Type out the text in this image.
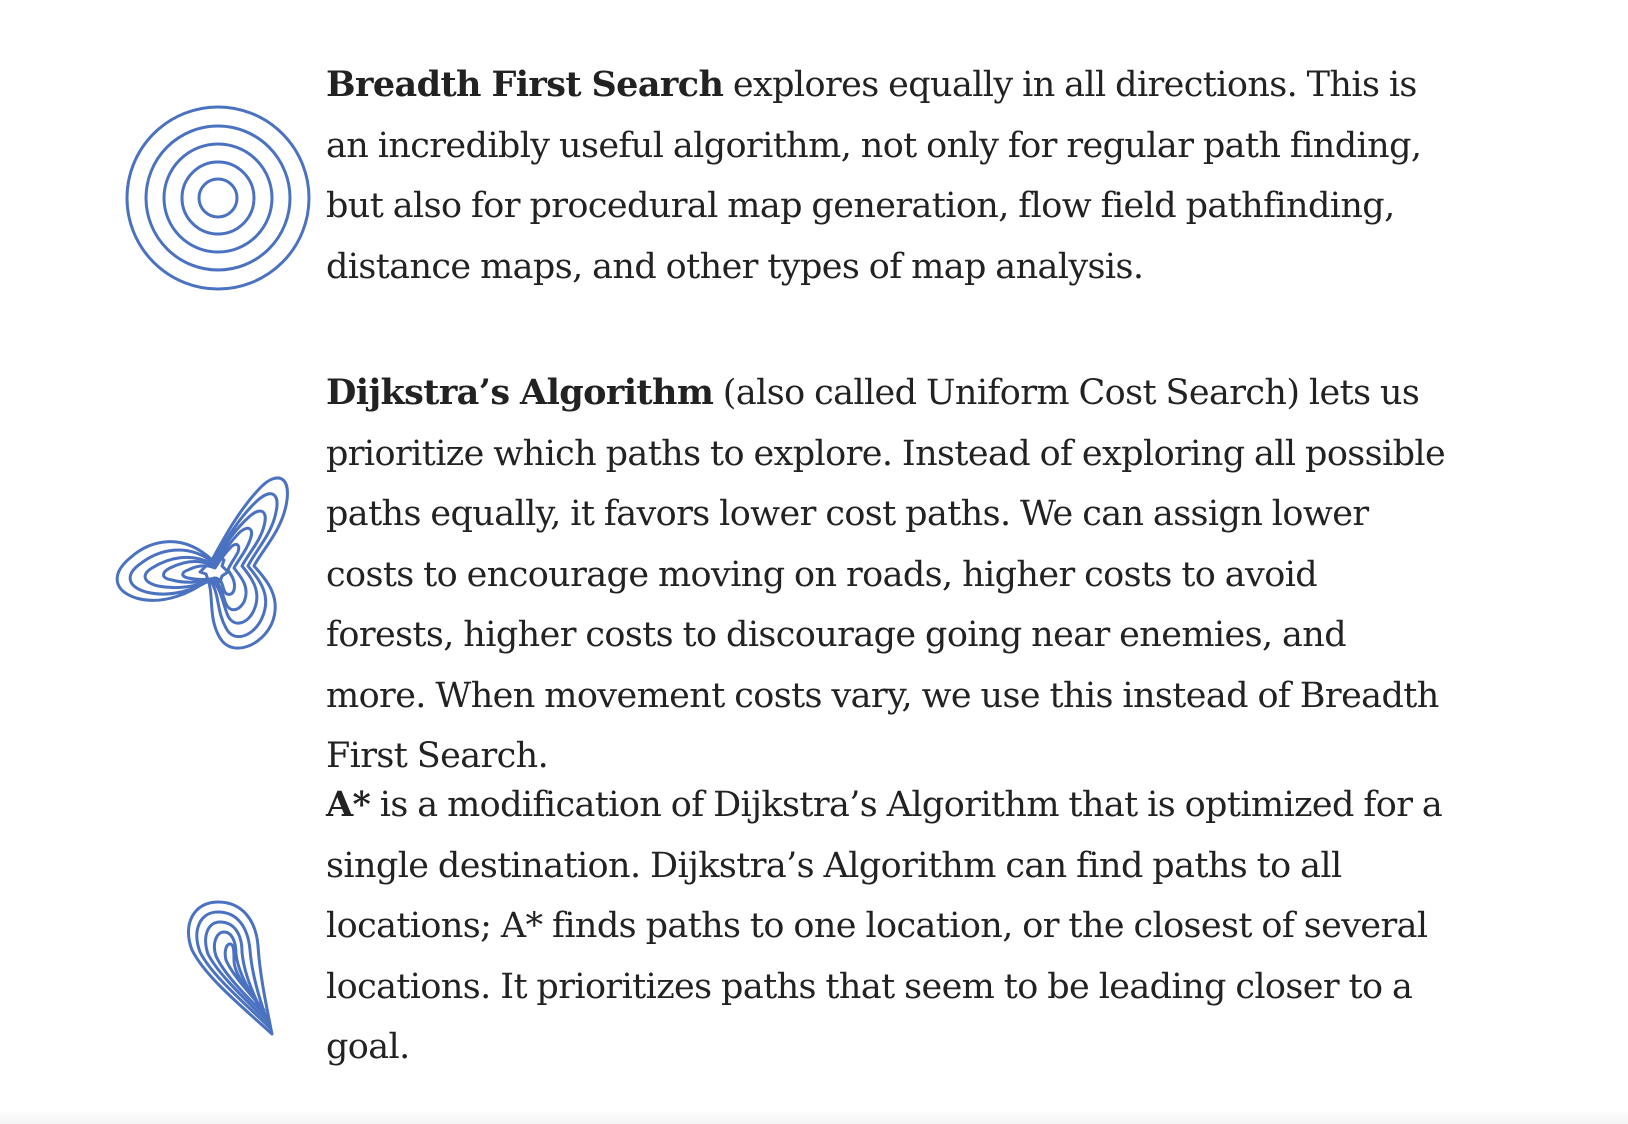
Breadth First Search explores equally in all directions. This is an incredibly useful algorithm, not only for regular path finding, but also for procedural map generation, flow field pathfinding, distance maps, and other types of map analysis.

Dijkstra’s Algorithm (also called Uniform Cost Search) lets us prioritize which paths to explore. Instead of exploring all possible paths equally, it favors lower cost paths. We can assign lower costs to encourage moving on roads, higher costs to avoid forests, higher costs to discourage going near enemies, and more. When movement costs vary, we use this instead of Breadth First Search.

A* is a modification of Dijkstra’s Algorithm that is optimized for a single destination. Dijkstra’s Algorithm can find paths to all locations; A* finds paths to one location, or the closest of several locations. It prioritizes paths that seem to be leading closer to a goal.
